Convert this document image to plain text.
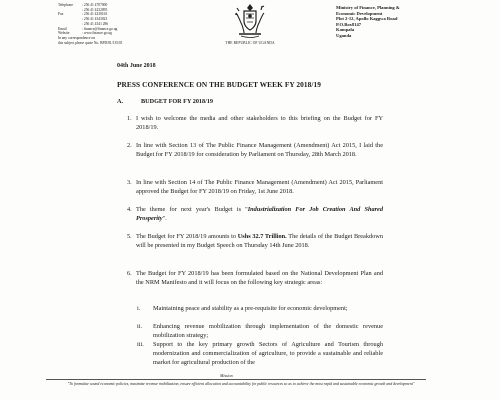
Telephone	: 256 41 4707000
: 256 41 4232095
Fax	: 256 41 4230163
: 256 41 4343023
: 256 41 4341 286
Email	: finance@finance.go.ug
Website	: www.finance.go.ug
In any correspondence on
this subject please quote No. BPD/81/135/01	THE REPUBLIC OF UGANDA
Ministry of Finance, Planning &
Economic Development
Plot 2-12, Apollo Kaggwa Road
P.O.Box8147
Kampala
Uganda
04th June 2018
PRESS CONFERENCE ON THE BUDGET WEEK FY 2018/19
A.	BUDGET FOR FY 2018/19
1. I wish to welcome the media and other stakeholders to this briefing on the Budget for FY 2018/19.
2. In line with Section 13 of The Public Finance Management (Amendment) Act 2015, I laid the Budget for FY 2018/19 for consideration by Parliament on Thursday, 28th March 2018.
3. In line with Section 14 of The Public Finance Management (Amendment) Act 2015, Parliament approved the Budget for FY 2018/19 on Friday, 1st June 2018.
4. The theme for next year's Budget is "Industrialization For Job Creation And Shared Prosperity".
5. The Budget for FY 2018/19 amounts to Ushs 32.7 Trillion. The details of the Budget Breakdown will be presented in my Budget Speech on Thursday 14th June 2018.
6. The Budget for FY 2018/19 has been formulated based on the National Development Plan and the NRM Manifesto and it will focus on the following key strategic areas:
i. Maintaining peace and stability as a pre-requisite for economic development;
ii. Enhancing revenue mobilization through implementation of the domestic revenue mobilization strategy;
iii. Support to the key primary growth Sectors of Agriculture and Tourism through modernization and commercialization of agriculture, to provide a sustainable and reliable market for agricultural production of the
Mission
"To formulate sound economic policies, maximize revenue mobilization, ensure efficient allocation and accountability for public resources so as to achieve the most rapid and sustainable economic growth and development"
